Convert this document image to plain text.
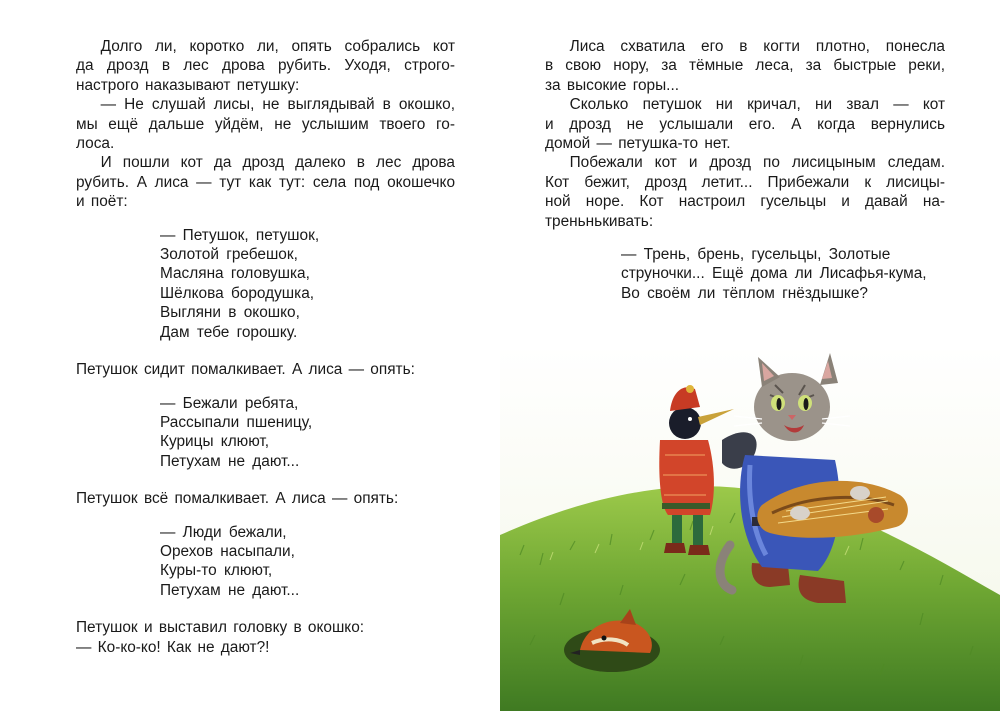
Долго ли, коротко ли, опять собрались кот
да дрозд в лес дрова рубить. Уходя, строго-
настрого наказывают петушку:
— Не слушай лисы, не выглядывай в окошко,
мы ещё дальше уйдём, не услышим твоего го-
лоса.
И пошли кот да дрозд далеко в лес дрова
рубить. А лиса — тут как тут: села под окошечко
и поёт:
— Петушок, петушок,
Золотой гребешок,
Масляна головушка,
Шёлкова бородушка,
Выгляни в окошко,
Дам тебе горошку.
Петушок сидит помалкивает. А лиса — опять:
— Бежали ребята,
Рассыпали пшеницу,
Курицы клюют,
Петухам не дают...
Петушок всё помалкивает. А лиса — опять:
— Люди бежали,
Орехов насыпали,
Куры-то клюют,
Петухам не дают...
Петушок и выставил головку в окошко:
— Ко-ко-ко! Как не дают?!
Лиса схватила его в когти плотно, понесла
в свою нору, за тёмные леса, за быстрые реки,
за высокие горы...
Сколько петушок ни кричал, ни звал — кот
и дрозд не услышали его. А когда вернулись
домой — петушка-то нет.
Побежали кот и дрозд по лисицыным следам.
Кот бежит, дрозд летит... Прибежали к лисицы-
ной норе. Кот настроил гусельцы и давай на-
треньнькивать:
— Трень, брень, гусельцы, Золотые струночки... Ещё дома ли Лисафья-кума, Во своём ли тёплом гнёздышке?
